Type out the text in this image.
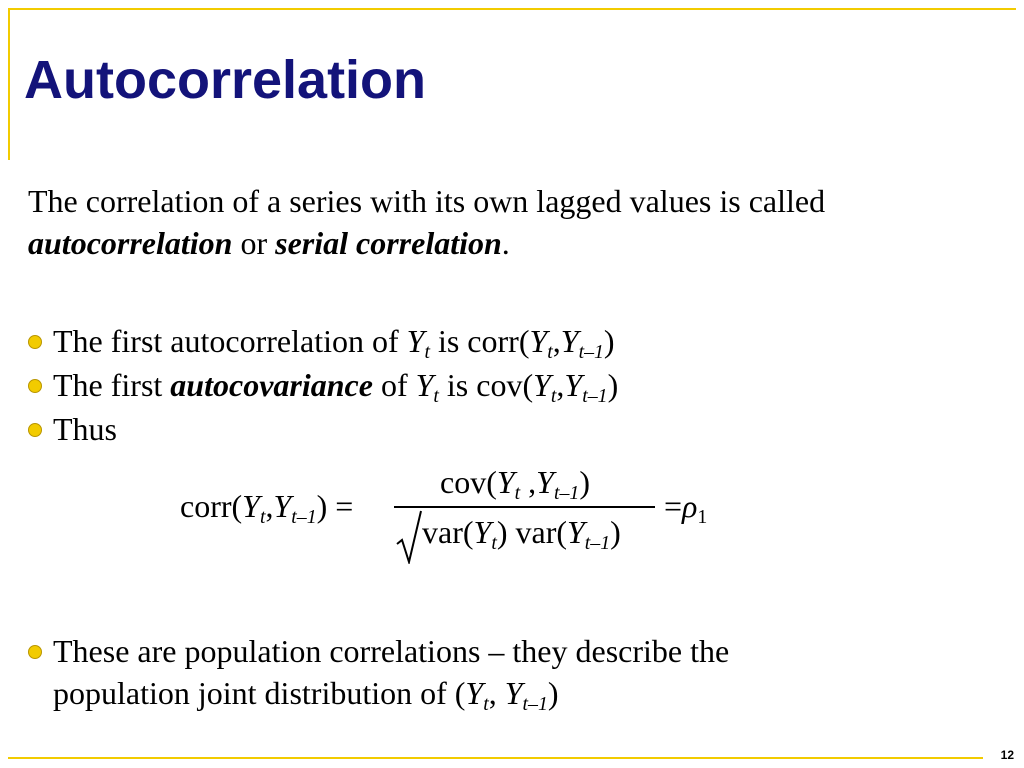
Autocorrelation

The correlation of a series with its own lagged values is called
autocorrelation or serial correlation.

The first autocorrelation of $Y_t$ is $corr(Y_t,Y_{t-1})$

The first autocovariance of $Y_t$ is $cov(Y_t,Y_{t-1})$

Thus

$corr(Y_t,Y_{t-1})$ =
$cov(Y_t$ $,Y_{t-1}$)
$var(Y_t)$ $var(Y_{t-1})$
$=\rho_1$

These are population correlations – they describe the
population joint distribution of ($Y_t$, $Y_{t-1}$)

12
